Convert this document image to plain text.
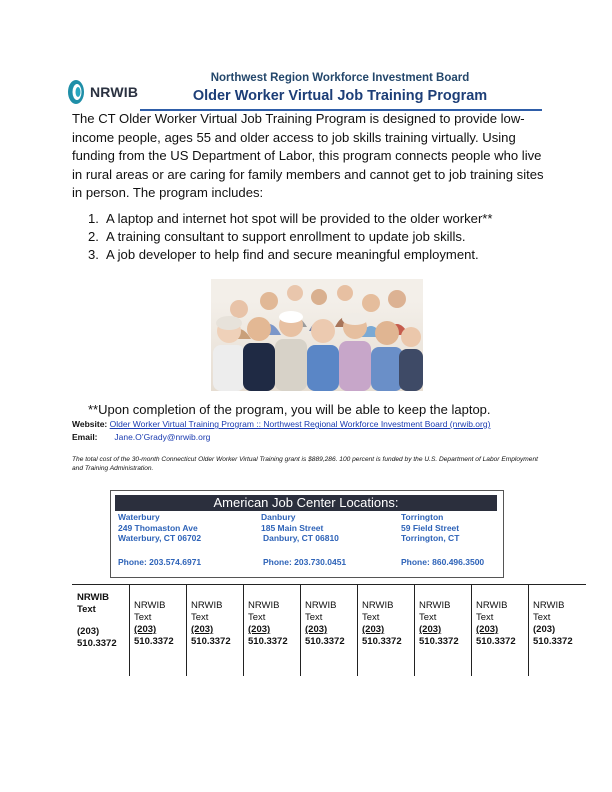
NRWIB
Northwest Region Workforce Investment Board
Older Worker Virtual Job Training Program
The CT Older Worker Virtual Job Training Program is designed to provide low-income people, ages 55 and older access to job skills training virtually. Using funding from the US Department of Labor, this program connects people who live in rural areas or are caring for family members and cannot get to job training sites in person. The program includes:
1. A laptop and internet hot spot will be provided to the older worker**
2. A training consultant to support enrollment to update job skills.
3. A job developer to help find and secure meaningful employment.
**Upon completion of the program, you will be able to keep the laptop.
Website: Older Worker Virtual Training Program :: Northwest Regional Workforce Investment Board (nrwib.org)
Email: Jane.O’Grady@nrwib.org
The total cost of the 30-month Connecticut Older Worker Virtual Training grant is $889,286. 100 percent is funded by the U.S. Department of Labor Employment and Training Administration.
American Job Center Locations:
Waterbury
249 Thomaston Ave
Waterbury, CT 06702
Danbury
185 Main Street
Danbury, CT 06810
Torrington
59 Field Street
Torrington, CT
Phone: 203.574.6971	Phone: 203.730.0451	Phone: 860.496.3500
NRWIB
Text
(203)
510.3372
NRWIB
Text
(203)
510.3372
NRWIB
Text
(203)
510.3372
NRWIB
Text
(203)
510.3372
NRWIB
Text
(203)
510.3372
NRWIB
Text
(203)
510.3372
NRWIB
Text
(203)
510.3372
NRWIB
Text
(203)
510.3372
NRWIB
Text
(203)
510.3372
